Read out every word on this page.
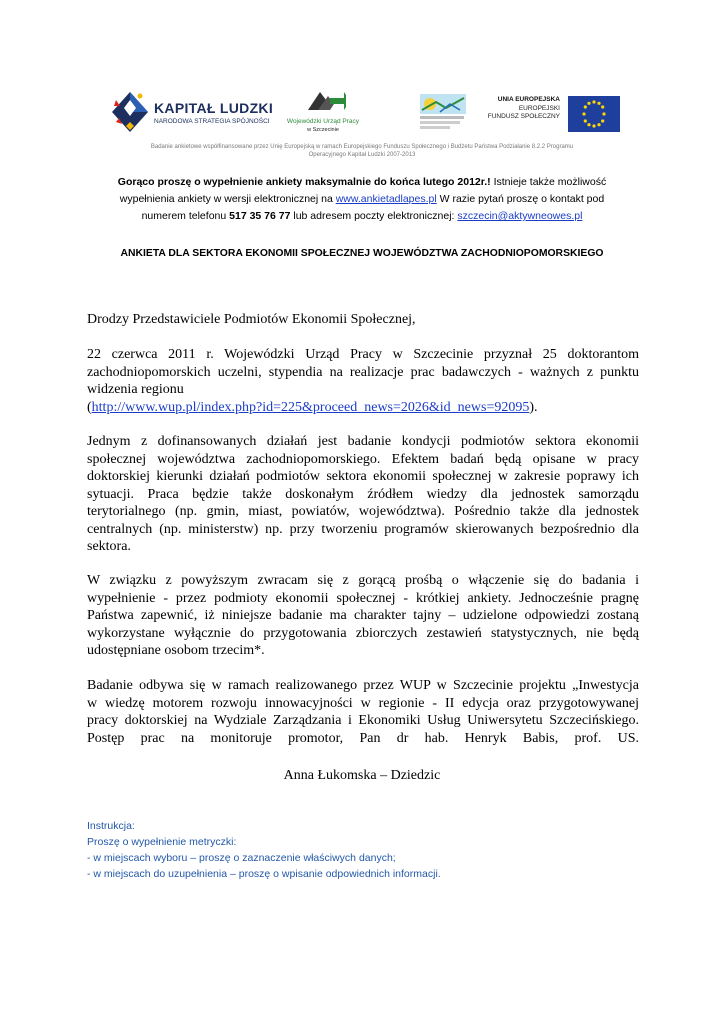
KAPITAŁ LUDZKI
NARODOWA STRATEGIA SPÓJNOŚCI	Wojewódzki Urząd Pracy
w Szczecinie
UNIA EUROPEJSKA
EUROPEJSKI
FUNDUSZ SPOŁECZNY
Badanie ankietowe współfinansowane przez Unię Europejską w ramach Europejskiego Funduszu Społecznego i Budżetu Państwa Podziałanie 8.2.2 Programu
Operacyjnego Kapitał Ludzki 2007-2013
Gorąco proszę o wypełnienie ankiety maksymalnie do końca lutego 2012r.! Istnieje także możliwość
wypełnienia ankiety w wersji elektronicznej na www.ankietadlapes.pl W razie pytań proszę o kontakt pod
numerem telefonu 517 35 76 77 lub adresem poczty elektronicznej: szczecin@aktywneowes.pl
ANKIETA DLA SEKTORA EKONOMII SPOŁECZNEJ WOJEWÓDZTWA ZACHODNIOPOMORSKIEGO
Drodzy Przedstawiciele Podmiotów Ekonomii Społecznej,
22 czerwca 2011 r. Wojewódzki Urząd Pracy w Szczecinie przyznał 25 doktorantom
zachodniopomorskich uczelni, stypendia na realizacje prac badawczych - ważnych z punktu
widzenia regionu
(http://www.wup.pl/index.php?id=225&proceed_news=2026&id_news=92095).
Jednym z dofinansowanych działań jest badanie kondycji podmiotów sektora ekonomii
społecznej województwa zachodniopomorskiego. Efektem badań będą opisane w pracy
doktorskiej kierunki działań podmiotów sektora ekonomii społecznej w zakresie poprawy ich
sytuacji. Praca będzie także doskonałym źródłem wiedzy dla jednostek samorządu
terytorialnego (np. gmin, miast, powiatów, województwa). Pośrednio także dla jednostek
centralnych (np. ministerstw) np. przy tworzeniu programów skierowanych bezpośrednio dla
sektora.
W związku z powyższym zwracam się z gorącą prośbą o włączenie się do badania i
wypełnienie - przez podmioty ekonomii społecznej - krótkiej ankiety. Jednocześnie pragnę
Państwa zapewnić, iż niniejsze badanie ma charakter tajny – udzielone odpowiedzi zostaną
wykorzystane wyłącznie do przygotowania zbiorczych zestawień statystycznych, nie będą
udostępniane osobom trzecim*.
Badanie odbywa się w ramach realizowanego przez WUP w Szczecinie projektu „Inwestycja
w wiedzę motorem rozwoju innowacyjności w regionie - II edycja oraz przygotowywanej
pracy doktorskiej na Wydziale Zarządzania i Ekonomiki Usług Uniwersytetu Szczecińskiego.
Postęp prac na monitoruje promotor, Pan dr hab. Henryk Babis, prof. US.
Anna Łukomska – Dziedzic
Instrukcja:
Proszę o wypełnienie metryczki:
- w miejscach wyboru – proszę o zaznaczenie właściwych danych;
- w miejscach do uzupełnienia – proszę o wpisanie odpowiednich informacji.
